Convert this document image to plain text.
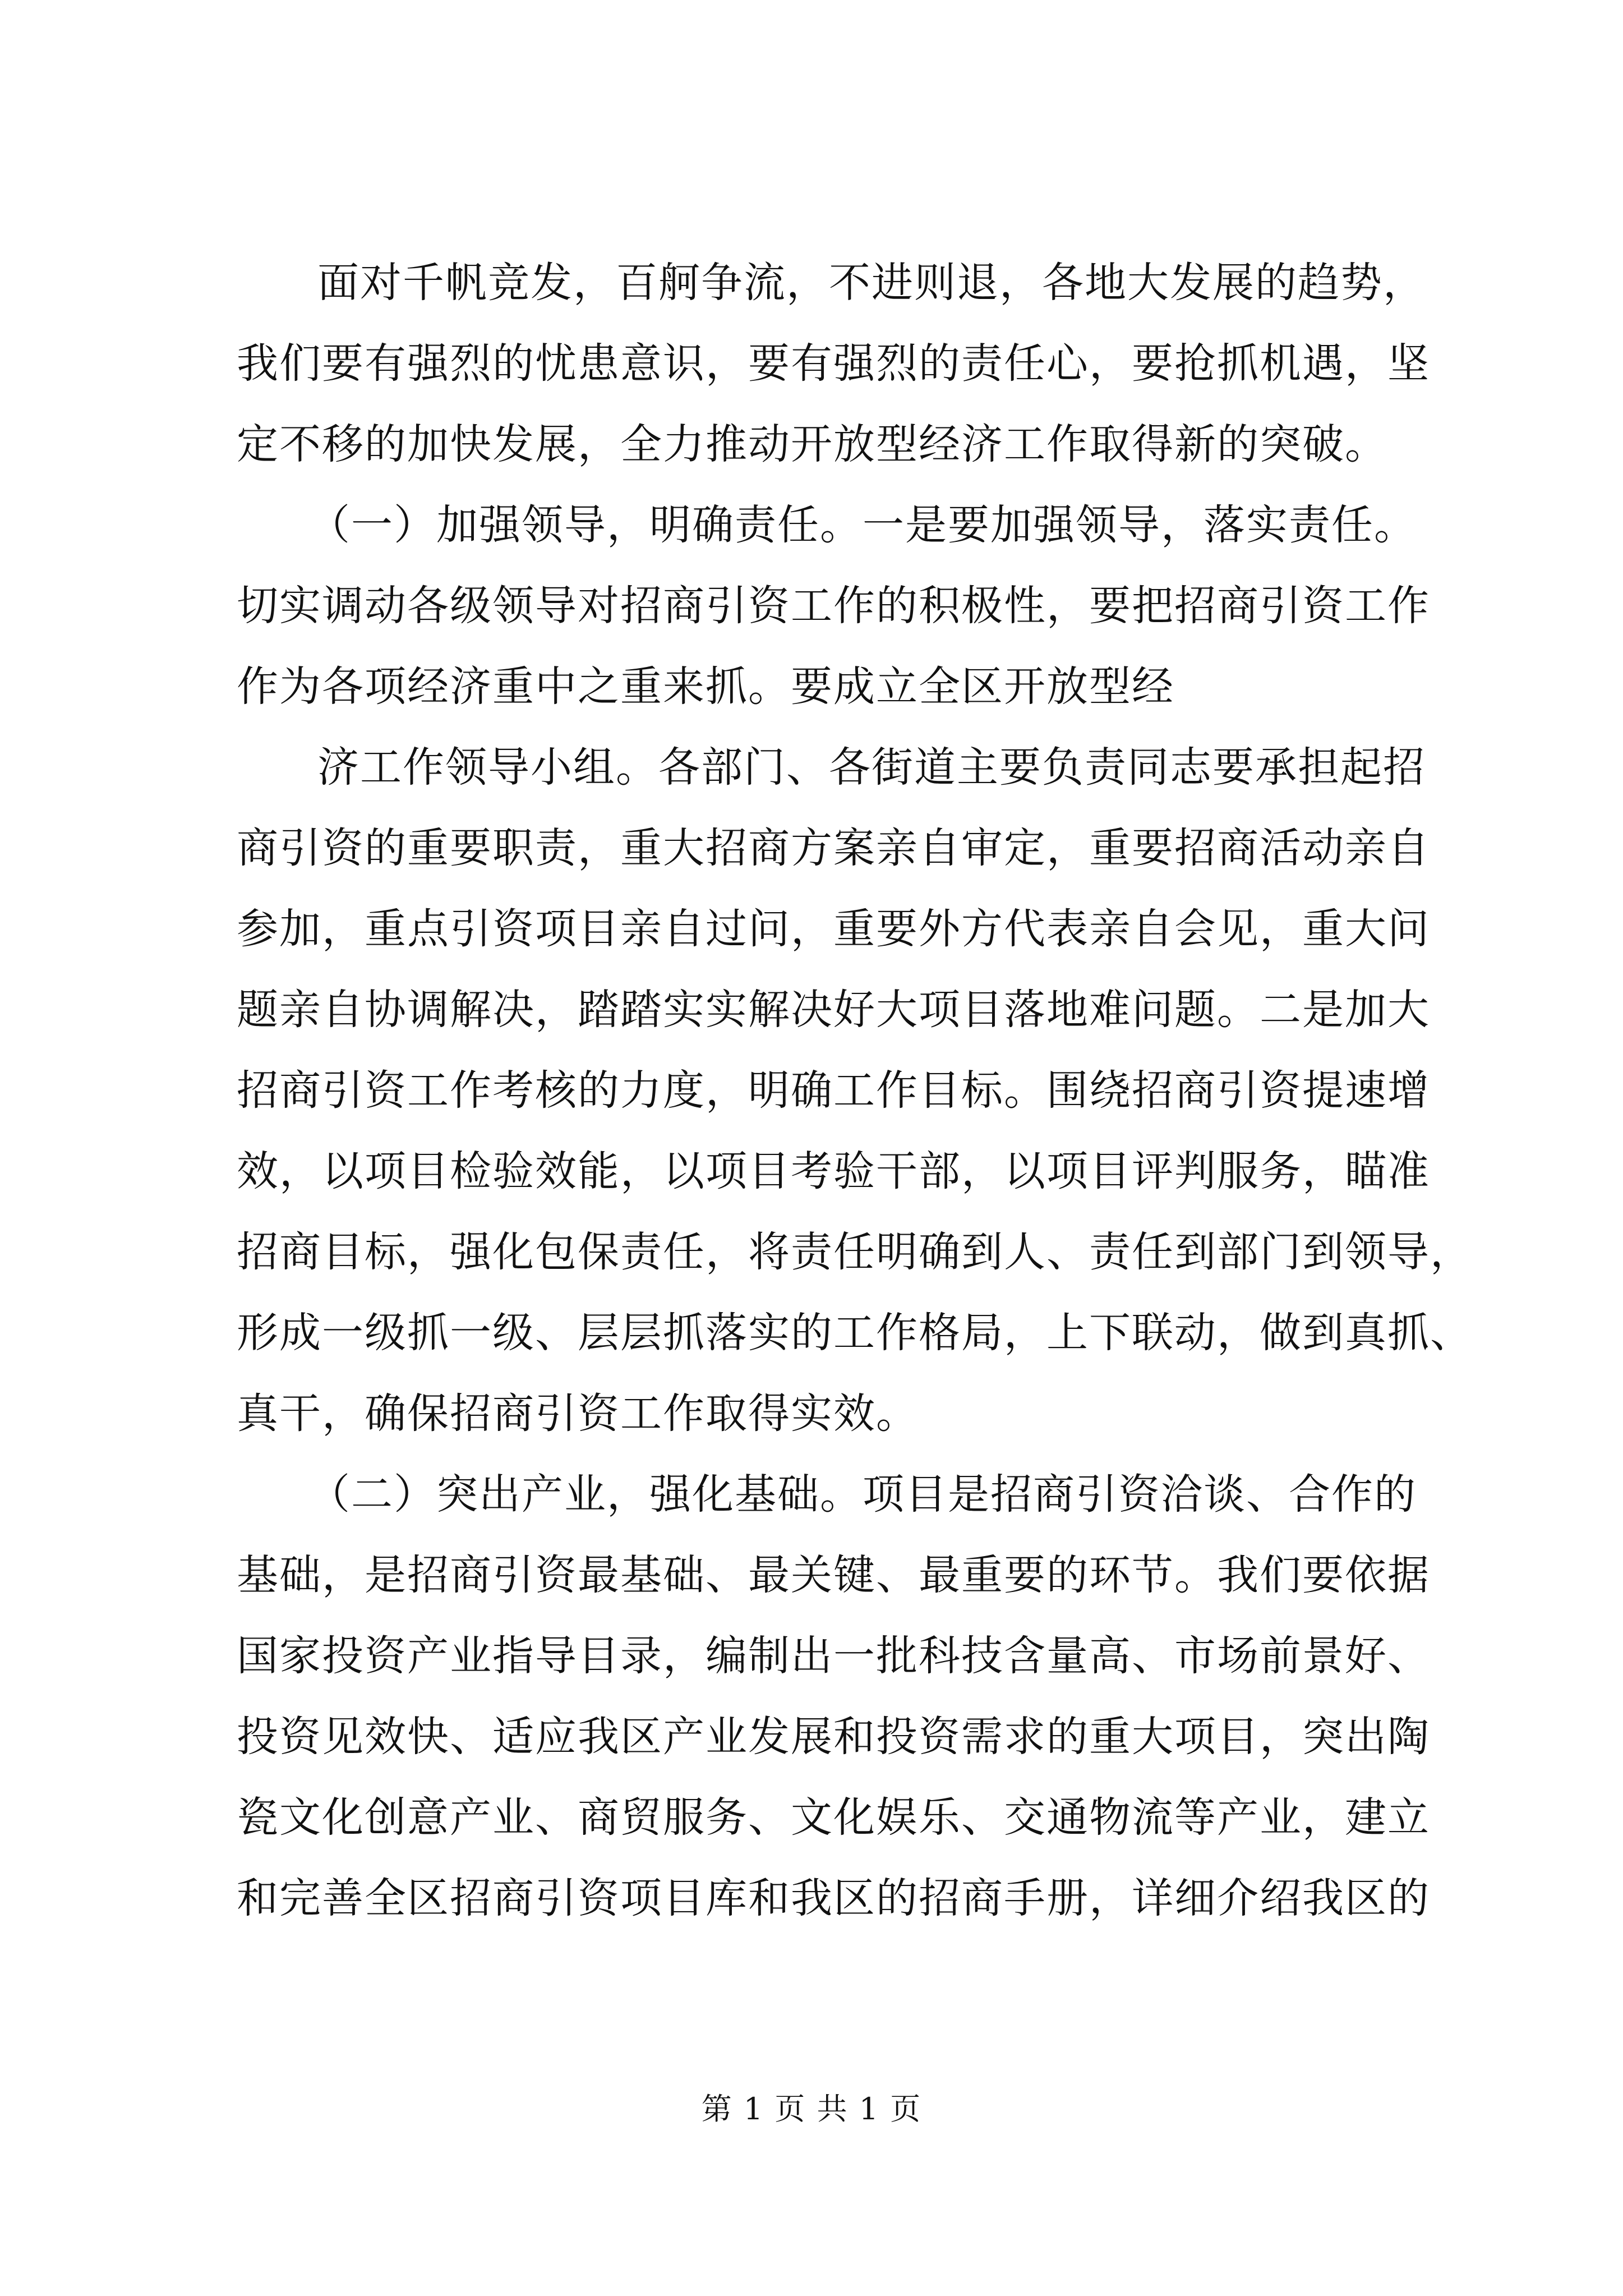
面对千帆竞发，百舸争流，不进则退，各地大发展的趋势，
我们要有强烈的忧患意识，要有强烈的责任心，要抢抓机遇，坚
定不移的加快发展，全力推动开放型经济工作取得新的突破。
（一）加强领导，明确责任。一是要加强领导，落实责任。
切实调动各级领导对招商引资工作的积极性，要把招商引资工作
作为各项经济重中之重来抓。要成立全区开放型经
济工作领导小组。各部门、各街道主要负责同志要承担起招
商引资的重要职责，重大招商方案亲自审定，重要招商活动亲自
参加，重点引资项目亲自过问，重要外方代表亲自会见，重大问
题亲自协调解决，踏踏实实解决好大项目落地难问题。二是加大
招商引资工作考核的力度，明确工作目标。围绕招商引资提速增
效，以项目检验效能，以项目考验干部，以项目评判服务，瞄准
招商目标，强化包保责任，将责任明确到人、责任到部门到领导，
形成一级抓一级、层层抓落实的工作格局，上下联动，做到真抓、
真干，确保招商引资工作取得实效。
（二）突出产业，强化基础。项目是招商引资洽谈、合作的
基础，是招商引资最基础、最关键、最重要的环节。我们要依据
国家投资产业指导目录，编制出一批科技含量高、市场前景好、
投资见效快、适应我区产业发展和投资需求的重大项目，突出陶
瓷文化创意产业、商贸服务、文化娱乐、交通物流等产业，建立
和完善全区招商引资项目库和我区的招商手册，详细介绍我区的
第 1 页 共 1 页
